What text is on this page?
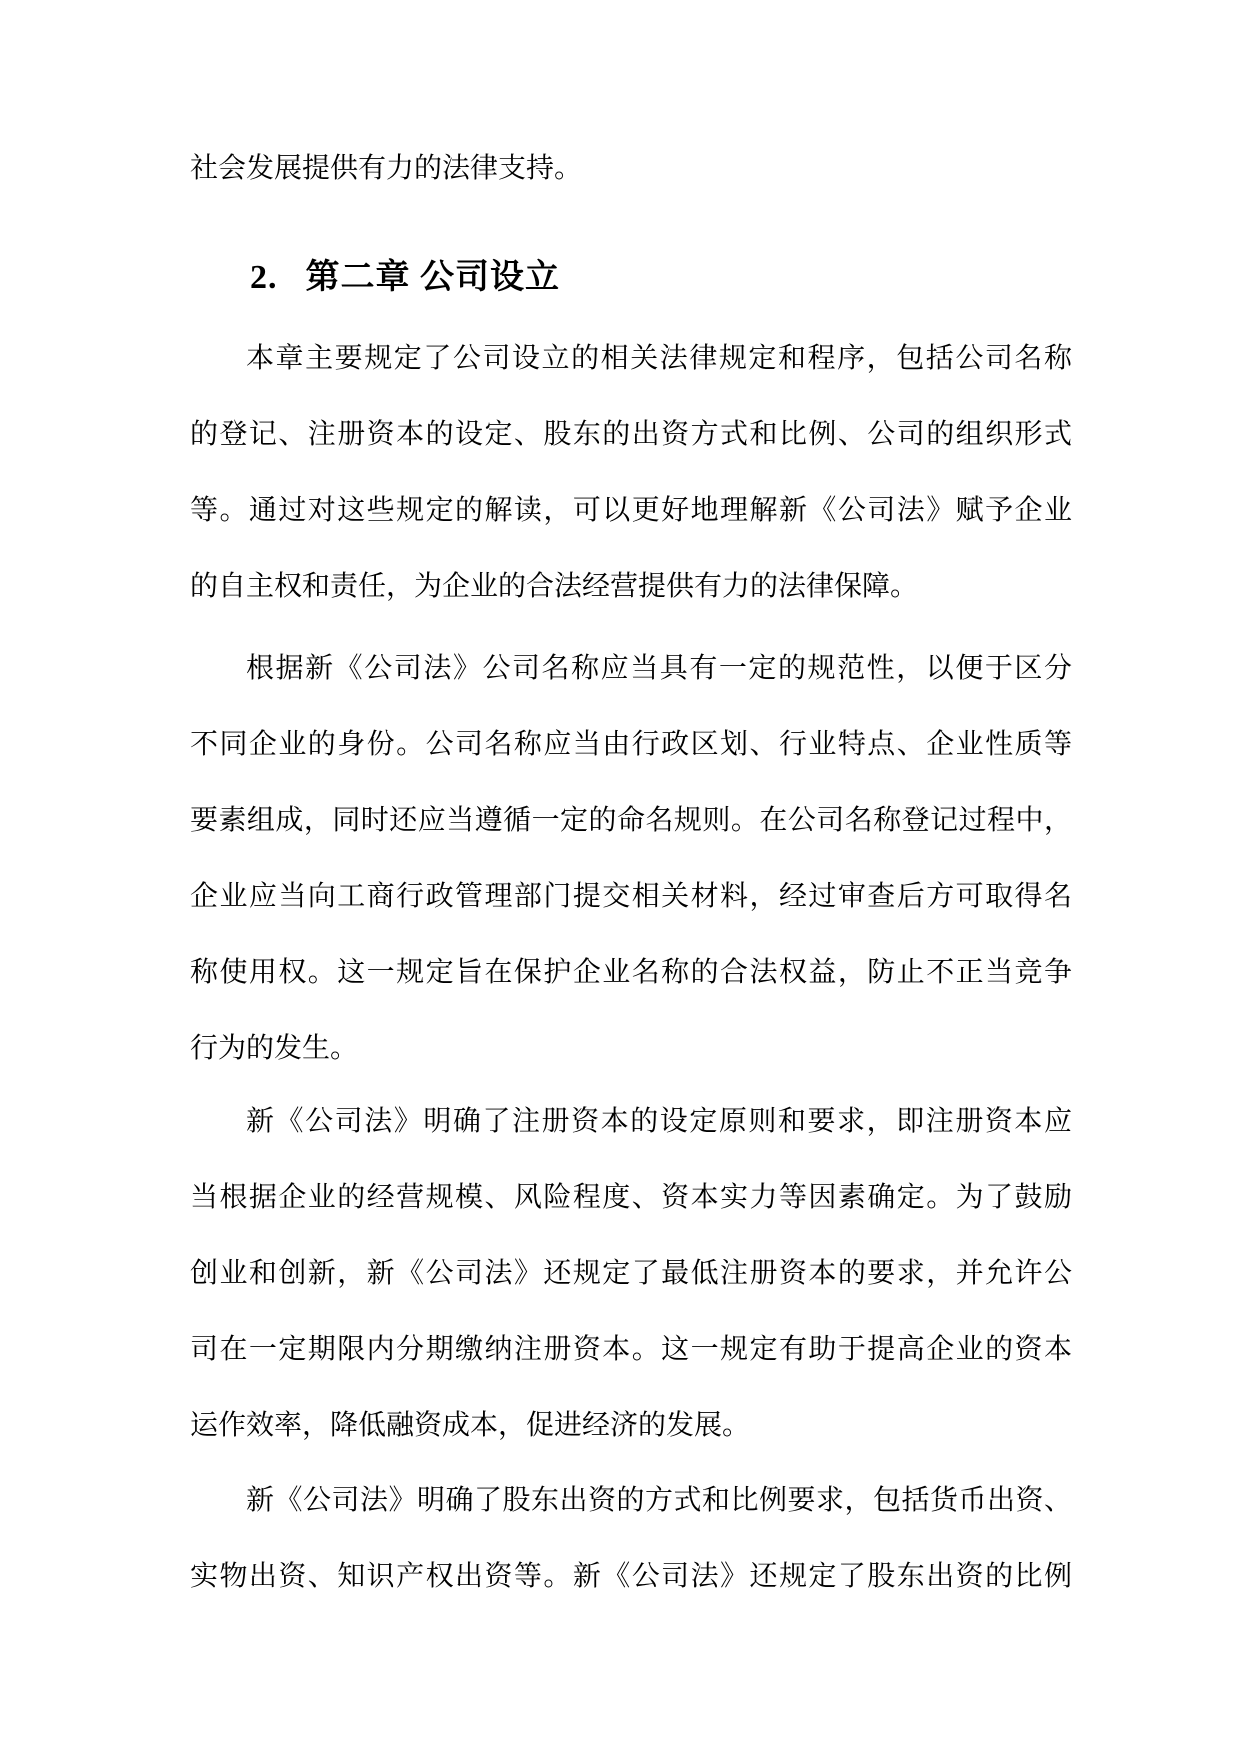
社会发展提供有力的法律支持。

2. 第二章 公司设立
本章主要规定了公司设立的相关法律规定和程序，包括公司名称
的登记、注册资本的设定、股东的出资方式和比例、公司的组织形式
等。通过对这些规定的解读，可以更好地理解新《公司法》赋予企业
的自主权和责任，为企业的合法经营提供有力的法律保障。
根据新《公司法》公司名称应当具有一定的规范性，以便于区分
不同企业的身份。公司名称应当由行政区划、行业特点、企业性质等
要素组成，同时还应当遵循一定的命名规则。在公司名称登记过程中，
企业应当向工商行政管理部门提交相关材料，经过审查后方可取得名
称使用权。这一规定旨在保护企业名称的合法权益，防止不正当竞争
行为的发生。
新《公司法》明确了注册资本的设定原则和要求，即注册资本应
当根据企业的经营规模、风险程度、资本实力等因素确定。为了鼓励
创业和创新，新《公司法》还规定了最低注册资本的要求，并允许公
司在一定期限内分期缴纳注册资本。这一规定有助于提高企业的资本
运作效率，降低融资成本，促进经济的发展。
新《公司法》明确了股东出资的方式和比例要求，包括货币出资、
实物出资、知识产权出资等。新《公司法》还规定了股东出资的比例
